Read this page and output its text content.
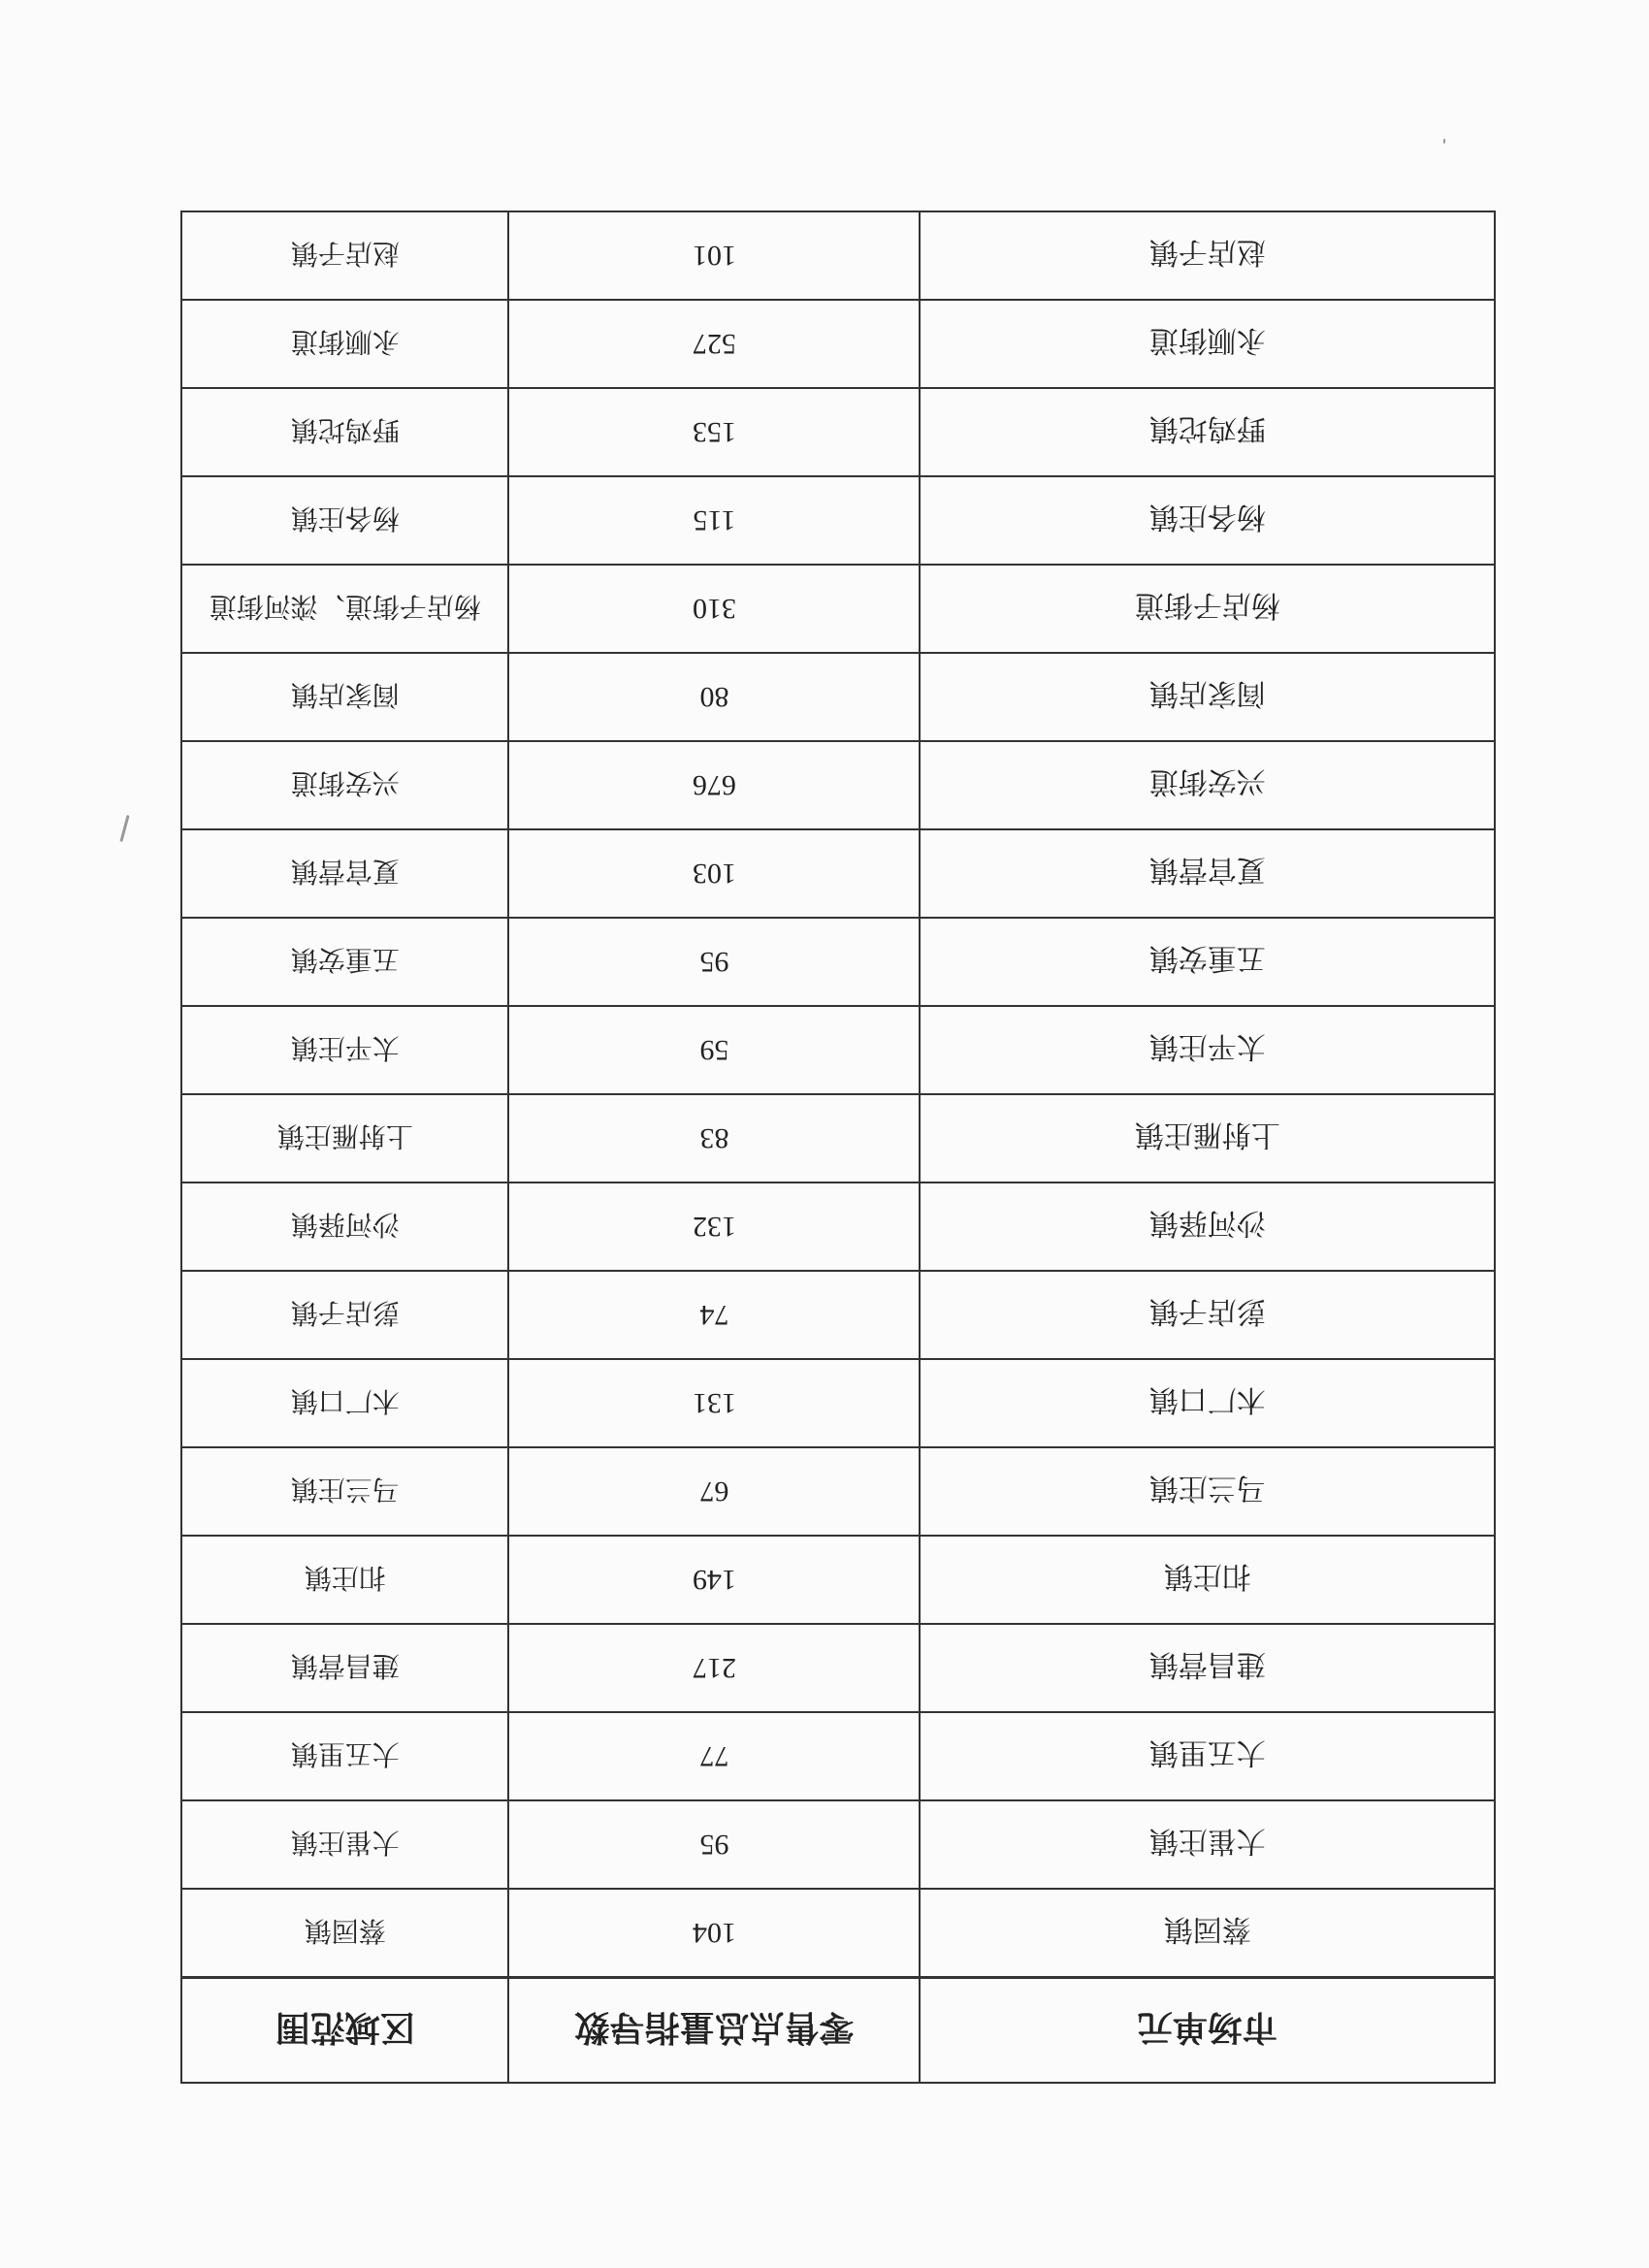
市场单元	零售点总量指导数	区域范围
蔡园镇	104	蔡园镇
大崔庄镇	95	大崔庄镇
大五里镇	77	大五里镇
建昌营镇	217	建昌营镇
扣庄镇	149	扣庄镇
马兰庄镇	67	马兰庄镇
木厂口镇	131	木厂口镇
彭店子镇	74	彭店子镇
沙河驿镇	132	沙河驿镇
上射雁庄镇	83	上射雁庄镇
太平庄镇	59	太平庄镇
五重安镇	95	五重安镇
夏官营镇	103	夏官营镇
兴安街道	676	兴安街道
阎家店镇	80	阎家店镇
杨店子街道	310	杨店子街道、滦河街道
杨各庄镇	115	杨各庄镇
野鸡坨镇	153	野鸡坨镇
永顺街道	527	永顺街道
赵店子镇	101	赵店子镇
